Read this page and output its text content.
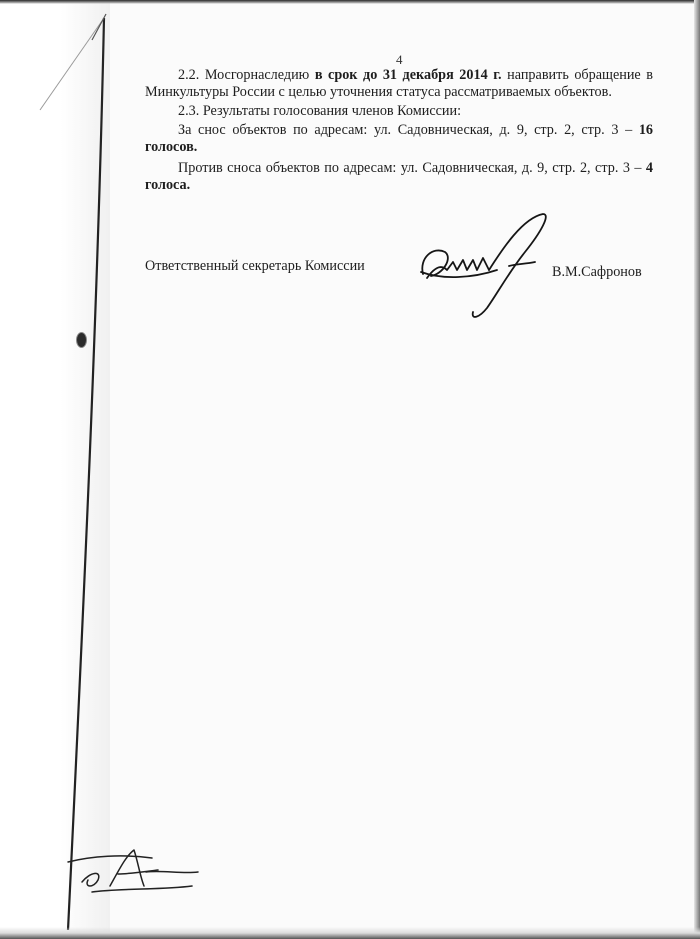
4

2.2. Мосгорнаследию в срок до 31 декабря 2014 г. направить обращение в Минкультуры России с целью уточнения статуса рассматриваемых объектов.

2.3. Результаты голосования членов Комиссии:

За снос объектов по адресам: ул. Садовническая, д. 9, стр. 2, стр. 3 – 16 голосов.

Против сноса объектов по адресам: ул. Садовническая, д. 9, стр. 2, стр. 3 – 4 голоса.

Ответственный секретарь Комиссии	В.М.Сафронов
